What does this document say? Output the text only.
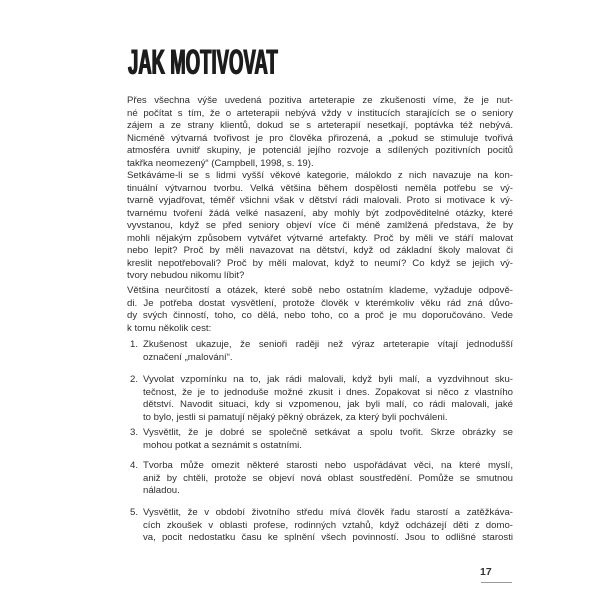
JAK MOTIVOVAT
Přes všechna výše uvedená pozitiva arteterapie ze zkušenosti víme, že je nut-
né počítat s tím, že o arteterapii nebývá vždy v institucích starajících se o seniory
zájem a ze strany klientů, dokud se s arteterapií nesetkají, poptávka též nebývá.
Nicméně výtvarná tvořivost je pro člověka přirozená, a „pokud se stimuluje tvořivá
atmosféra uvnitř skupiny, je potenciál jejího rozvoje a sdílených pozitivních pocitů
takřka neomezený“ (Campbell, 1998, s. 19).
Setkáváme-li se s lidmi vyšší věkové kategorie, málokdo z nich navazuje na kon-
tinuální výtvarnou tvorbu. Velká většina během dospělosti neměla potřebu se vý-
tvarně vyjadřovat, téměř všichni však v dětství rádi malovali. Proto si motivace k vý-
tvarnému tvoření žádá velké nasazení, aby mohly být zodpověditelné otázky, které
vyvstanou, když se před seniory objeví více či méně zamlžená představa, že by
mohli nějakým způsobem vytvářet výtvarné artefakty. Proč by měli ve stáří malovat
nebo lepit? Proč by měli navazovat na dětství, když od základní školy malovat či
kreslit nepotřebovali? Proč by měli malovat, když to neumí? Co když se jejich vý-
tvory nebudou nikomu líbit?
Většina neurčitostí a otázek, které sobě nebo ostatním klademe, vyžaduje odpově-
di. Je potřeba dostat vysvětlení, protože člověk v kterémkoliv věku rád zná důvo-
dy svých činností, toho, co dělá, nebo toho, co a proč je mu doporučováno. Vede
k tomu několik cest:
1. Zkušenost ukazuje, že senioři raději než výraz arteterapie vítají jednodušší
označení „malování“.
2. Vyvolat vzpomínku na to, jak rádi malovali, když byli malí, a vyzdvihnout sku-
tečnost, že je to jednoduše možné zkusit i dnes. Zopakovat si něco z vlastního
dětství. Navodit situaci, kdy si vzpomenou, jak byli malí, co rádi malovali, jaké
to bylo, jestli si pamatují nějaký pěkný obrázek, za který byli pochváleni.
3. Vysvětlit, že je dobré se společně setkávat a spolu tvořit. Skrze obrázky se
mohou potkat a seznámit s ostatními.
4. Tvorba může omezit některé starosti nebo uspořádávat věci, na které myslí,
aniž by chtěli, protože se objeví nová oblast soustředění. Pomůže se smutnou
náladou.
5. Vysvětlit, že v období životního středu mívá člověk řadu starostí a zatěžkáva-
cích zkoušek v oblasti profese, rodinných vztahů, když odcházejí děti z domo-
va, pocit nedostatku času ke splnění všech povinností. Jsou to odlišné starosti
17
